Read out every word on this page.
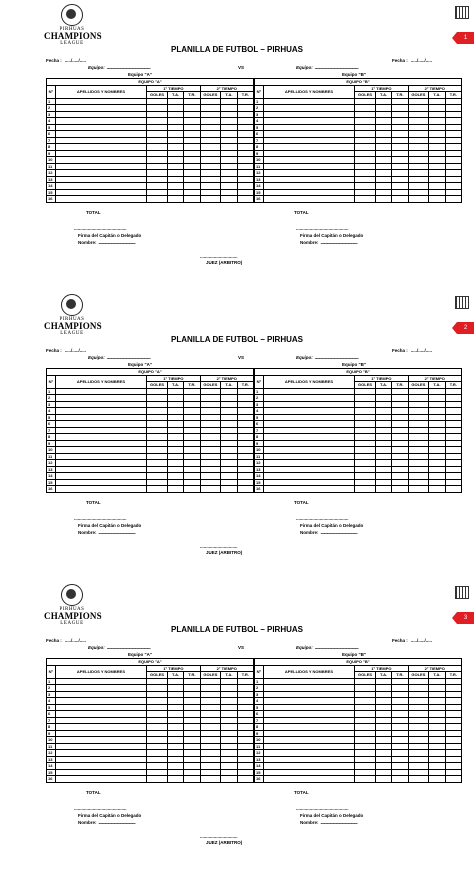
PIRHUAS
CHAMPIONS
LEAGUE
1
PLANILLA DE FUTBOL – PIRHUAS
Fecha : ...../...../.....	Fecha : ...../...../.....
Equipo: ..........................................................	VS	Equipo: ..........................................................
Equipo "A"	Equipo "B"
EQUIPO "A"							
Nº	APELLIDOS Y NOMBRES	1° TIEMPO			2° TIEMPO		
		GOLES	T.A.	T.R.	GOLES	T.A.	T.R.
1							
2							
3							
4							
5							
6							
7							
8							
9							
10							
11							
12							
13							
14							
15							
16							
EQUIPO "B"							
Nº	APELLIDOS Y NOMBRES	1° TIEMPO			2° TIEMPO		
		GOLES	T.A.	T.R.	GOLES	T.A.	T.R.
1							
2							
3							
4							
5							
6							
7							
8							
9							
10							
11							
12							
13							
14							
15							
16							
TOTAL	TOTAL
..........................................
Firma del Capitán o Delegado
Nombre: .................................................
..........................................
Firma del Capitán o Delegado
Nombre: .................................................
..............................
JUEZ (ARBITRO)
PIRHUAS
CHAMPIONS
LEAGUE
2
PLANILLA DE FUTBOL – PIRHUAS
Fecha : ...../...../.....	Fecha : ...../...../.....
Equipo: ..........................................................	VS	Equipo: ..........................................................
Equipo "A"	Equipo "B"
EQUIPO "A"							
Nº	APELLIDOS Y NOMBRES	1° TIEMPO			2° TIEMPO		
		GOLES	T.A.	T.R.	GOLES	T.A.	T.R.
1							
2							
3							
4							
5							
6							
7							
8							
9							
10							
11							
12							
13							
14							
15							
16							
EQUIPO "B"							
Nº	APELLIDOS Y NOMBRES	1° TIEMPO			2° TIEMPO		
		GOLES	T.A.	T.R.	GOLES	T.A.	T.R.
1							
2							
3							
4							
5							
6							
7							
8							
9							
10							
11							
12							
13							
14							
15							
16							
TOTAL	TOTAL
..........................................
Firma del Capitán o Delegado
Nombre: .................................................
..........................................
Firma del Capitán o Delegado
Nombre: .................................................
..............................
JUEZ (ARBITRO)
PIRHUAS
CHAMPIONS
LEAGUE
3
PLANILLA DE FUTBOL – PIRHUAS
Fecha : ...../...../.....	Fecha : ...../...../.....
Equipo: ..........................................................	VS	Equipo: ..........................................................
Equipo "A"	Equipo "B"
EQUIPO "A"							
Nº	APELLIDOS Y NOMBRES	1° TIEMPO			2° TIEMPO		
		GOLES	T.A.	T.R.	GOLES	T.A.	T.R.
1							
2							
3							
4							
5							
6							
7							
8							
9							
10							
11							
12							
13							
14							
15							
16							
EQUIPO "B"							
Nº	APELLIDOS Y NOMBRES	1° TIEMPO			2° TIEMPO		
		GOLES	T.A.	T.R.	GOLES	T.A.	T.R.
1							
2							
3							
4							
5							
6							
7							
8							
9							
10							
11							
12							
13							
14							
15							
16							
TOTAL	TOTAL
..........................................
Firma del Capitán o Delegado
Nombre: .................................................
..........................................
Firma del Capitán o Delegado
Nombre: .................................................
..............................
JUEZ (ARBITRO)
